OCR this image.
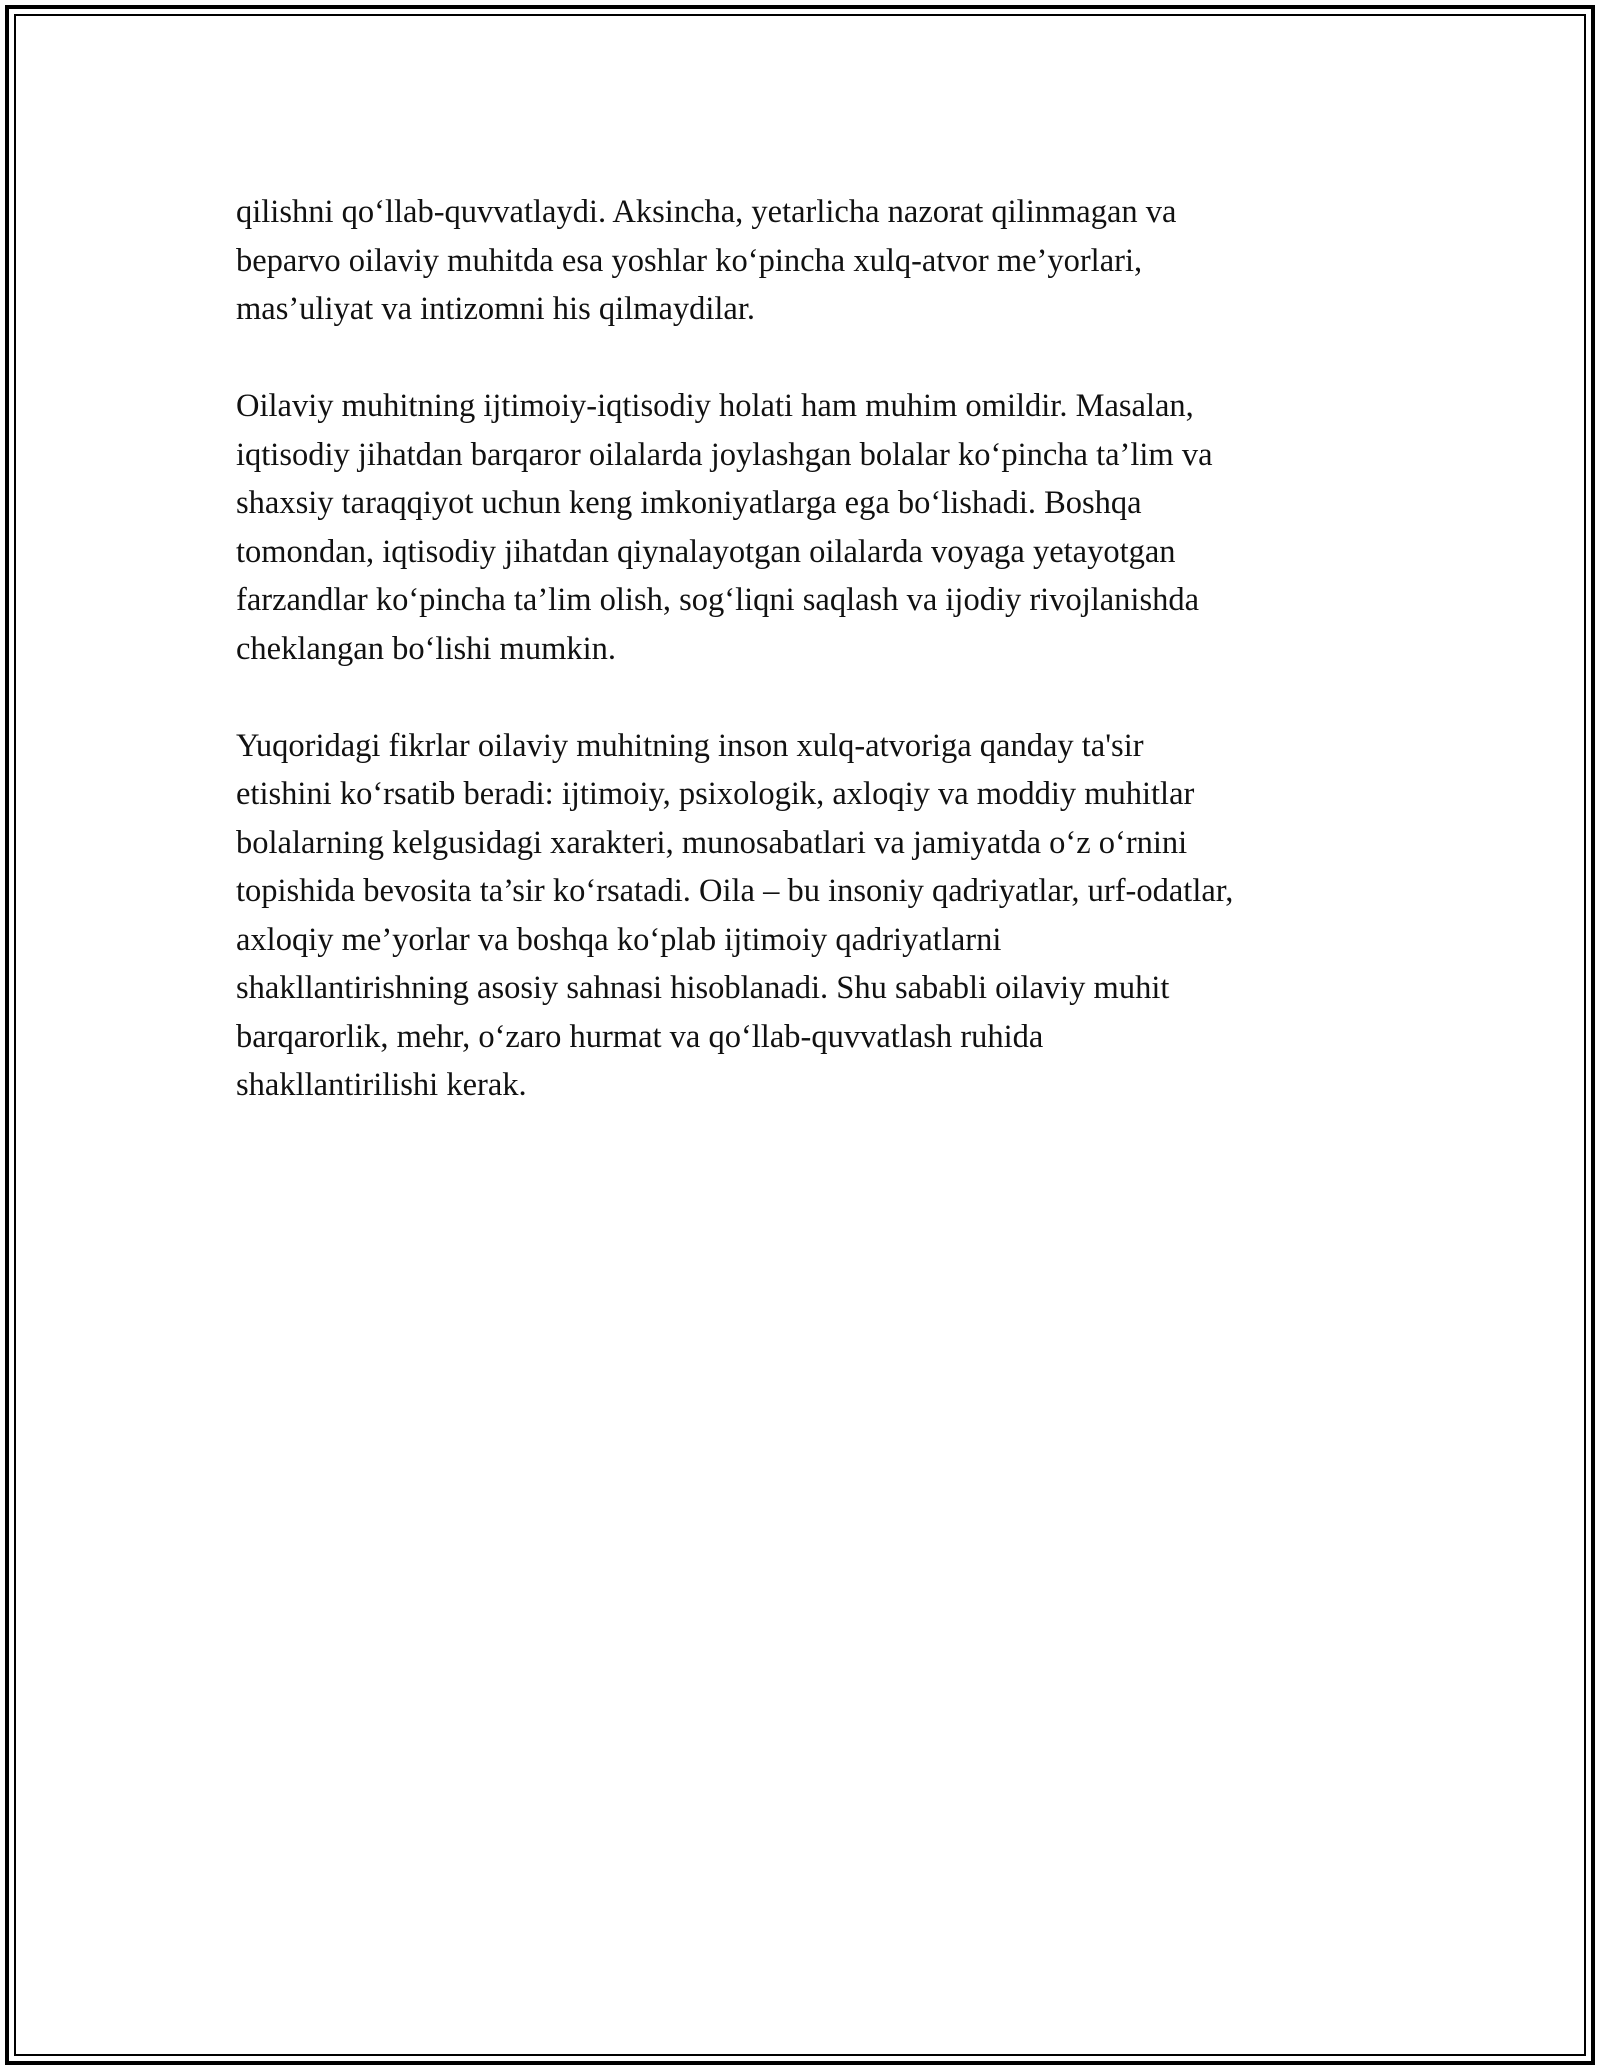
qilishni qo‘llab-quvvatlaydi. Aksincha, yetarlicha nazorat qilinmagan va
beparvo oilaviy muhitda esa yoshlar ko‘pincha xulq-atvor me’yorlari,
mas’uliyat va intizomni his qilmaydilar.

Oilaviy muhitning ijtimoiy-iqtisodiy holati ham muhim omildir. Masalan,
iqtisodiy jihatdan barqaror oilalarda joylashgan bolalar ko‘pincha ta’lim va
shaxsiy taraqqiyot uchun keng imkoniyatlarga ega bo‘lishadi. Boshqa
tomondan, iqtisodiy jihatdan qiynalayotgan oilalarda voyaga yetayotgan
farzandlar ko‘pincha ta’lim olish, sog‘liqni saqlash va ijodiy rivojlanishda
cheklangan bo‘lishi mumkin.

Yuqoridagi fikrlar oilaviy muhitning inson xulq-atvoriga qanday ta'sir
etishini ko‘rsatib beradi: ijtimoiy, psixologik, axloqiy va moddiy muhitlar
bolalarning kelgusidagi xarakteri, munosabatlari va jamiyatda o‘z o‘rnini
topishida bevosita ta’sir ko‘rsatadi. Oila – bu insoniy qadriyatlar, urf-odatlar,
axloqiy me’yorlar va boshqa ko‘plab ijtimoiy qadriyatlarni
shakllantirishning asosiy sahnasi hisoblanadi. Shu sababli oilaviy muhit
barqarorlik, mehr, o‘zaro hurmat va qo‘llab-quvvatlash ruhida
shakllantirilishi kerak.
